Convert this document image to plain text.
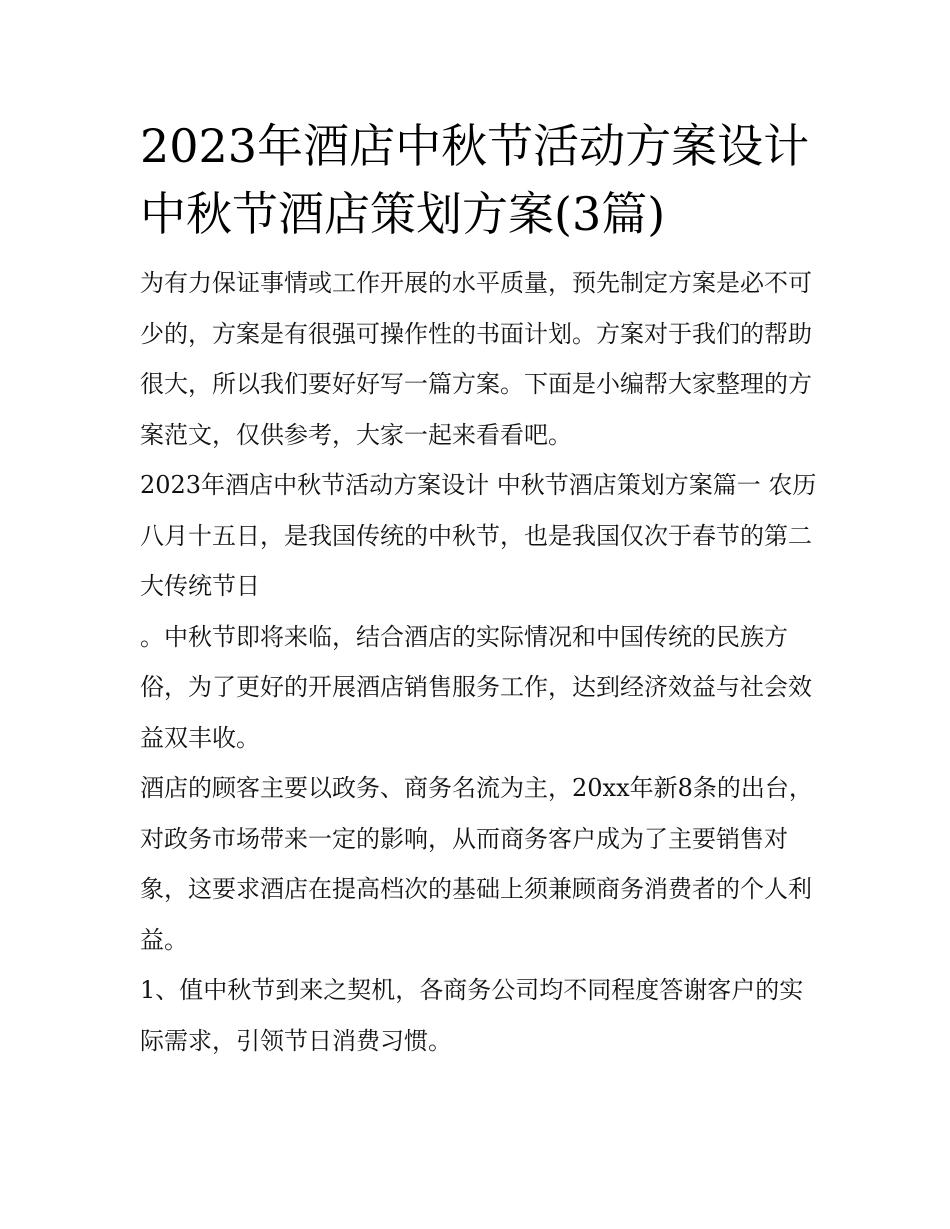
2023年酒店中秋节活动方案设计 中秋节酒店策划方案(3篇)

为有力保证事情或工作开展的水平质量，预先制定方案是必不可少的，方案是有很强可操作性的书面计划。方案对于我们的帮助很大，所以我们要好好写一篇方案。下面是小编帮大家整理的方案范文，仅供参考，大家一起来看看吧。

2023年酒店中秋节活动方案设计 中秋节酒店策划方案篇一 农历八月十五日，是我国传统的中秋节，也是我国仅次于春节的第二大传统节日

。中秋节即将来临，结合酒店的实际情况和中国传统的民族方俗，为了更好的开展酒店销售服务工作，达到经济效益与社会效益双丰收。

酒店的顾客主要以政务、商务名流为主，20xx年新8条的出台，对政务市场带来一定的影响，从而商务客户成为了主要销售对象，这要求酒店在提高档次的基础上须兼顾商务消费者的个人利益。

1、值中秋节到来之契机，各商务公司均不同程度答谢客户的实际需求，引领节日消费习惯。
